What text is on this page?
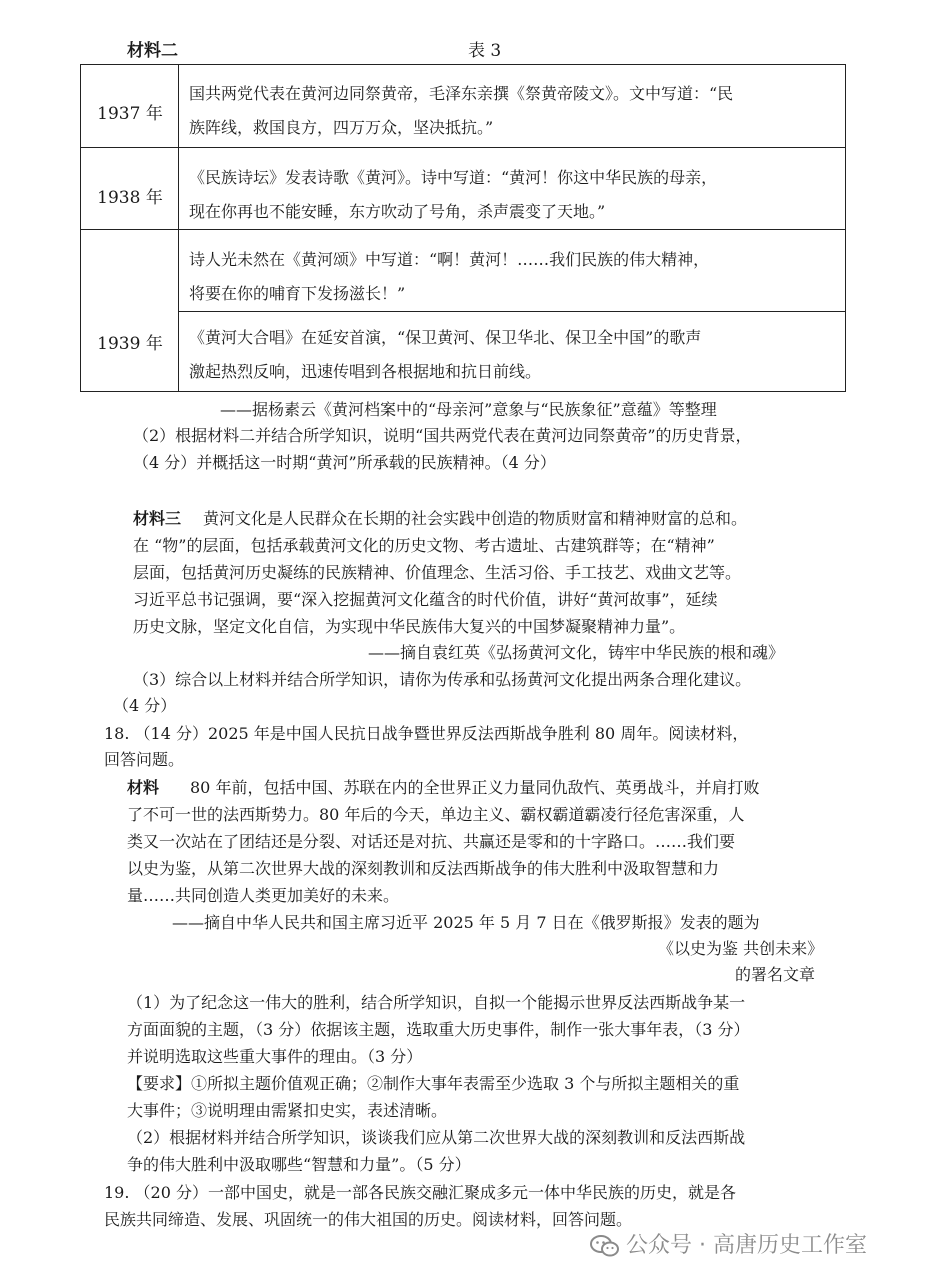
材料二	表 3
1937 年
国共两党代表在黄河边同祭黄帝，毛泽东亲撰《祭黄帝陵文》。文中写道：“民
族阵线，救国良方，四万万众，坚决抵抗。”
1938 年
《民族诗坛》发表诗歌《黄河》。诗中写道：“黄河！你这中华民族的母亲，
现在你再也不能安睡，东方吹动了号角，杀声震变了天地。”
1939 年
诗人光未然在《黄河颂》中写道：“啊！黄河！……我们民族的伟大精神，
将要在你的哺育下发扬滋长！”
《黄河大合唱》在延安首演，“保卫黄河、保卫华北、保卫全中国”的歌声
激起热烈反响，迅速传唱到各根据地和抗日前线。
——据杨素云《黄河档案中的“母亲河”意象与“民族象征”意蕴》等整理
（2）根据材料二并结合所学知识，说明“国共两党代表在黄河边同祭黄帝”的历史背景，
（4 分）并概括这一时期“黄河”所承载的民族精神。（4 分）
材料三 黄河文化是人民群众在长期的社会实践中创造的物质财富和精神财富的总和。
在 “物”的层面，包括承载黄河文化的历史文物、考古遗址、古建筑群等；在“精神”
层面，包括黄河历史凝练的民族精神、价值理念、生活习俗、手工技艺、戏曲文艺等。
习近平总书记强调，要“深入挖掘黄河文化蕴含的时代价值，讲好“黄河故事”，延续
历史文脉，坚定文化自信，为实现中华民族伟大复兴的中国梦凝聚精神力量”。
——摘自袁红英《弘扬黄河文化，铸牢中华民族的根和魂》
（3）综合以上材料并结合所学知识，请你为传承和弘扬黄河文化提出两条合理化建议。
（4 分）
18. （14 分）2025 年是中国人民抗日战争暨世界反法西斯战争胜利 80 周年。阅读材料，
回答问题。
材料 80 年前，包括中国、苏联在内的全世界正义力量同仇敌忾、英勇战斗，并肩打败
了不可一世的法西斯势力。80 年后的今天，单边主义、霸权霸道霸凌行径危害深重，人
类又一次站在了团结还是分裂、对话还是对抗、共赢还是零和的十字路口。……我们要
以史为鉴，从第二次世界大战的深刻教训和反法西斯战争的伟大胜利中汲取智慧和力
量……共同创造人类更加美好的未来。
——摘自中华人民共和国主席习近平 2025 年 5 月 7 日在《俄罗斯报》发表的题为
《以史为鉴 共创未来》
的署名文章
（1）为了纪念这一伟大的胜利，结合所学知识，自拟一个能揭示世界反法西斯战争某一
方面面貌的主题，（3 分）依据该主题，选取重大历史事件，制作一张大事年表，（3 分）
并说明选取这些重大事件的理由。（3 分）
【要求】①所拟主题价值观正确；②制作大事年表需至少选取 3 个与所拟主题相关的重
大事件；③说明理由需紧扣史实，表述清晰。
（2）根据材料并结合所学知识，谈谈我们应从第二次世界大战的深刻教训和反法西斯战
争的伟大胜利中汲取哪些“智慧和力量”。（5 分）
19. （20 分）一部中国史，就是一部各民族交融汇聚成多元一体中华民族的历史，就是各
民族共同缔造、发展、巩固统一的伟大祖国的历史。阅读材料，回答问题。
公众号 · 高唐历史工作室
